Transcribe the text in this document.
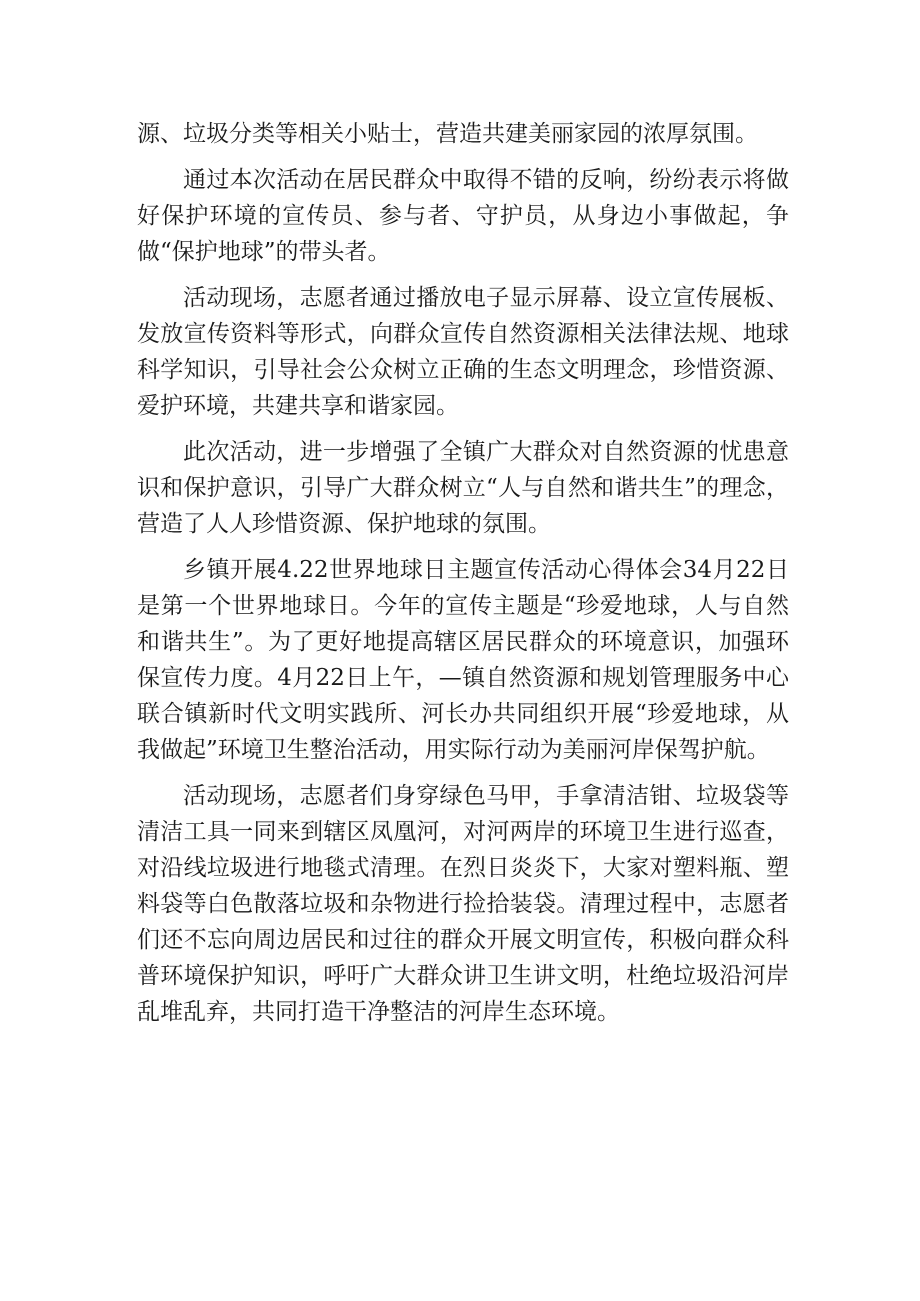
源、垃圾分类等相关小贴士，营造共建美丽家园的浓厚氛围。

通过本次活动在居民群众中取得不错的反响，纷纷表示将做好保护环境的宣传员、参与者、守护员，从身边小事做起，争做“保护地球”的带头者。

活动现场，志愿者通过播放电子显示屏幕、设立宣传展板、发放宣传资料等形式，向群众宣传自然资源相关法律法规、地球科学知识，引导社会公众树立正确的生态文明理念，珍惜资源、爱护环境，共建共享和谐家园。

此次活动，进一步增强了全镇广大群众对自然资源的忧患意识和保护意识，引导广大群众树立“人与自然和谐共生”的理念，营造了人人珍惜资源、保护地球的氛围。

乡镇开展4.22世界地球日主题宣传活动心得体会34月22日是第一个世界地球日。今年的宣传主题是“珍爱地球，人与自然和谐共生”。为了更好地提高辖区居民群众的环境意识，加强环保宣传力度。4月22日上午，—镇自然资源和规划管理服务中心联合镇新时代文明实践所、河长办共同组织开展“珍爱地球，从我做起”环境卫生整治活动，用实际行动为美丽河岸保驾护航。

活动现场，志愿者们身穿绿色马甲，手拿清洁钳、垃圾袋等清洁工具一同来到辖区凤凰河，对河两岸的环境卫生进行巡查，对沿线垃圾进行地毯式清理。在烈日炎炎下，大家对塑料瓶、塑料袋等白色散落垃圾和杂物进行捡拾装袋。清理过程中，志愿者们还不忘向周边居民和过往的群众开展文明宣传，积极向群众科普环境保护知识，呼吁广大群众讲卫生讲文明，杜绝垃圾沿河岸乱堆乱弃，共同打造干净整洁的河岸生态环境。
